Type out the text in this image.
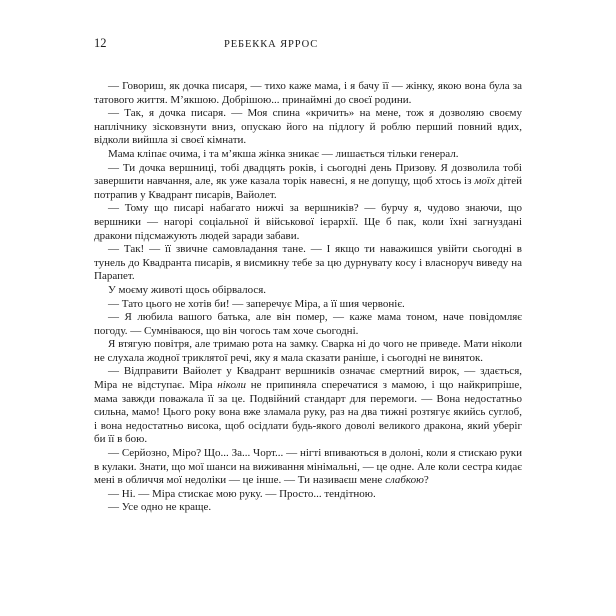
12	РЕБЕККА ЯРРОС

— Говориш, як дочка писаря, — тихо каже мама, і я бачу її — жінку, якою вона була за татового життя. М’якшою. Добрішою... принаймні до своєї родини.

— Так, я дочка писаря. — Моя спина «кричить» на мене, тож я дозволяю своєму наплічнику зісковзнути вниз, опускаю його на підлогу й роблю перший повний вдих, відколи вийшла зі своєї кімнати.

Мама кліпає очима, і та м’якша жінка зникає — лишається тільки генерал.

— Ти дочка вершниці, тобі двадцять років, і сьогодні день Призову. Я дозволила тобі завершити навчання, але, як уже казала торік навесні, я не допущу, щоб хтось із моїх дітей потрапив у Квадрант писарів, Вайолет.

— Тому що писарі набагато нижчі за вершників? — бурчу я, чудово знаючи, що вершники — нагорі соціальної й військової ієрархії. Ще б пак, коли їхні загнуздані дракони підсмажують людей заради забави.

— Так! — її звичне самовладання тане. — І якщо ти наважишся увійти сьогодні в тунель до Квадранта писарів, я висмикну тебе за цю дурнувату косу і власноруч виведу на Парапет.

У моєму животі щось обірвалося.

— Тато цього не хотів би! — заперечує Міра, а її шия червоніє.

— Я любила вашого батька, але він помер, — каже мама тоном, наче повідомляє погоду. — Сумніваюся, що він чогось там хоче сьогодні.

Я втягую повітря, але тримаю рота на замку. Сварка ні до чого не приведе. Мати ніколи не слухала жодної триклятої речі, яку я мала сказати раніше, і сьогодні не виняток.

— Відправити Вайолет у Квадрант вершників означає смертний вирок, — здається, Міра не відступає. Міра ніколи не припиняла сперечатися з мамою, і що найкрипріше, мама завжди поважала її за це. Подвійний стандарт для перемоги. — Вона недостатньо сильна, мамо! Цього року вона вже зламала руку, раз на два тижні розтягує якийсь суглоб, і вона недостатньо висока, щоб осідлати будь-якого доволі великого дракона, який уберіг би її в бою.

— Серйозно, Міро? Що... За... Чорт... — нігті впиваються в долоні, коли я стискаю руки в кулаки. Знати, що мої шанси на виживання мінімальні, — це одне. Але коли сестра кидає мені в обличчя мої недоліки — це інше. — Ти називаєш мене слабкою?

— Ні. — Міра стискає мою руку. — Просто... тендітною.

— Усе одно не краще.
